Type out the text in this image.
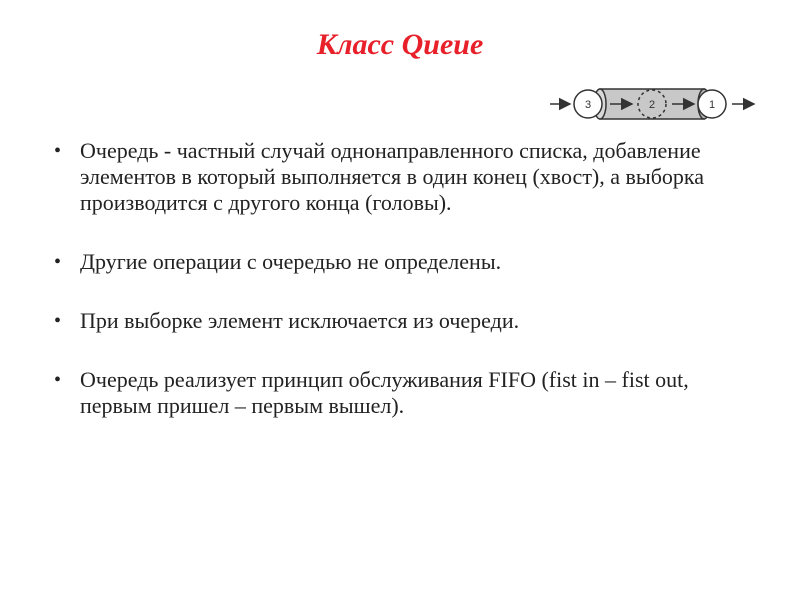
Класс Queue
3	2	1
• Очередь - частный случай однонаправленного списка, добавление элементов в который выполняется в один конец (хвост), а выборка производится с другого конца (головы).
• Другие операции с очередью не определены.
• При выборке элемент исключается из очереди.
• Очередь реализует принцип обслуживания FIFO (fist in – fist out, первым пришел – первым вышел).
